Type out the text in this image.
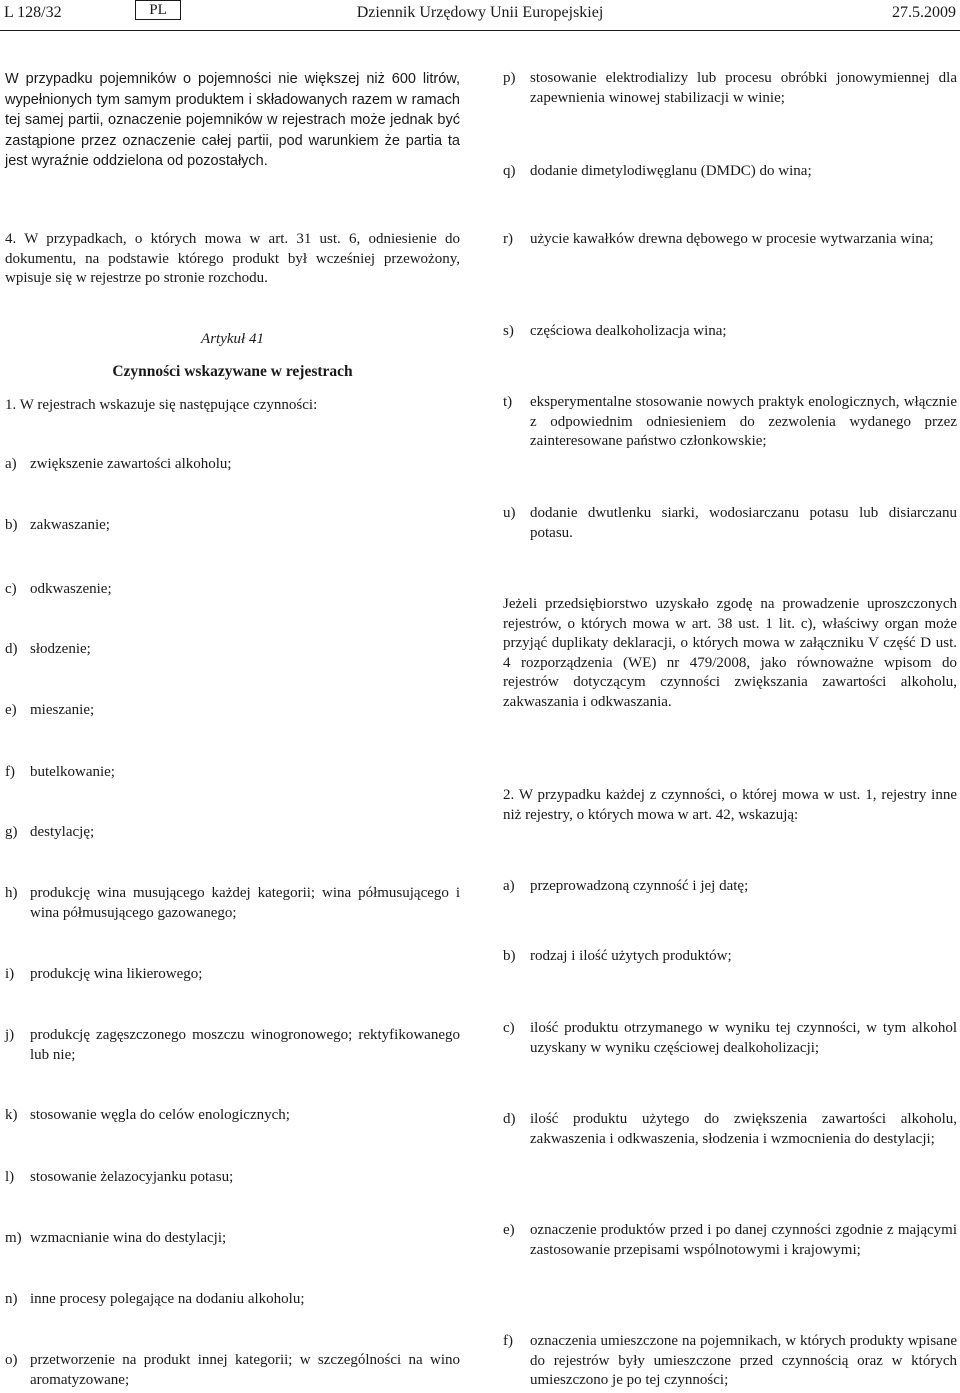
L 128/32	PL	Dziennik Urzędowy Unii Europejskiej	27.5.2009
W przypadku pojemników o pojemności nie większej niż 600 litrów, wypełnionych tym samym produktem i składowanych razem w ramach tej samej partii, oznaczenie pojemników w rejestrach może jednak być zastąpione przez oznaczenie całej partii, pod warunkiem że partia ta jest wyraźnie oddzielona od pozostałych.
4. W przypadkach, o których mowa w art. 31 ust. 6, odniesienie do dokumentu, na podstawie którego produkt był wcześniej przewożony, wpisuje się w rejestrze po stronie rozchodu.
Artykuł 41
Czynności wskazywane w rejestrach
1. W rejestrach wskazuje się następujące czynności:
a) zwiększenie zawartości alkoholu;
b) zakwaszanie;
c) odkwaszenie;
d) słodzenie;
e) mieszanie;
f) butelkowanie;
g) destylację;
h) produkcję wina musującego każdej kategorii; wina półmusującego i wina półmusującego gazowanego;
i) produkcję wina likierowego;
j) produkcję zagęszczonego moszczu winogronowego; rektyfikowanego lub nie;
k) stosowanie węgla do celów enologicznych;
l) stosowanie żelazocyjanku potasu;
m) wzmacnianie wina do destylacji;
n) inne procesy polegające na dodaniu alkoholu;
o) przetworzenie na produkt innej kategorii; w szczególności na wino aromatyzowane;
p) stosowanie elektrodializy lub procesu obróbki jonowymiennej dla zapewnienia winowej stabilizacji w winie;
q) dodanie dimetylodiwęglanu (DMDC) do wina;
r) użycie kawałków drewna dębowego w procesie wytwarzania wina;
s) częściowa dealkoholizacja wina;
t) eksperymentalne stosowanie nowych praktyk enologicznych, włącznie z odpowiednim odniesieniem do zezwolenia wydanego przez zainteresowane państwo członkowskie;
u) dodanie dwutlenku siarki, wodosiarczanu potasu lub disiarczanu potasu.
Jeżeli przedsiębiorstwo uzyskało zgodę na prowadzenie uproszczonych rejestrów, o których mowa w art. 38 ust. 1 lit. c), właściwy organ może przyjąć duplikaty deklaracji, o których mowa w załączniku V część D ust. 4 rozporządzenia (WE) nr 479/2008, jako równoważne wpisom do rejestrów dotyczącym czynności zwiększania zawartości alkoholu, zakwaszania i odkwaszania.
2. W przypadku każdej z czynności, o której mowa w ust. 1, rejestry inne niż rejestry, o których mowa w art. 42, wskazują:
a) przeprowadzoną czynność i jej datę;
b) rodzaj i ilość użytych produktów;
c) ilość produktu otrzymanego w wyniku tej czynności, w tym alkohol uzyskany w wyniku częściowej dealkoholizacji;
d) ilość produktu użytego do zwiększenia zawartości alkoholu, zakwaszenia i odkwaszenia, słodzenia i wzmocnienia do destylacji;
e) oznaczenie produktów przed i po danej czynności zgodnie z mającymi zastosowanie przepisami wspólnotowymi i krajowymi;
f) oznaczenia umieszczone na pojemnikach, w których produkty wpisane do rejestrów były umieszczone przed czynnością oraz w których umieszczono je po tej czynności;
